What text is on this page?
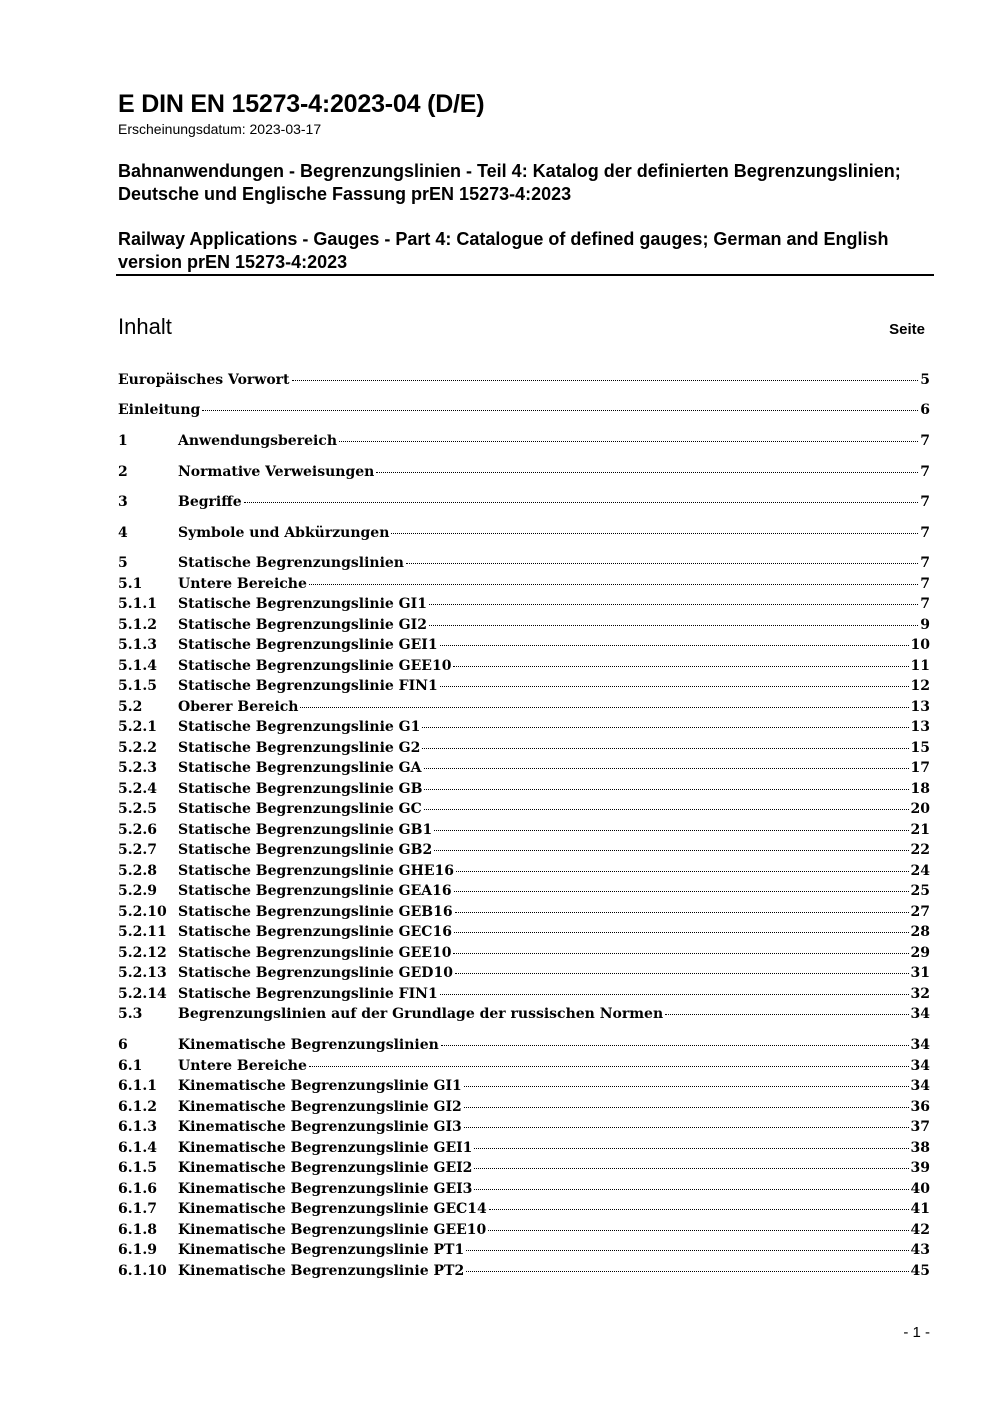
E DIN EN 15273-4:2023-04 (D/E)
Erscheinungsdatum: 2023-03-17
Bahnanwendungen - Begrenzungslinien - Teil 4: Katalog der definierten Begrenzungslinien; Deutsche und Englische Fassung prEN 15273-4:2023
Railway Applications - Gauges - Part 4: Catalogue of defined gauges; German and English version prEN 15273-4:2023
Inhalt	Seite
Europäisches Vorwort	5
Einleitung	6
1	Anwendungsbereich	7
2	Normative Verweisungen	7
3	Begriffe	7
4	Symbole und Abkürzungen	7
5	Statische Begrenzungslinien	7
5.1	Untere Bereiche	7
5.1.1	Statische Begrenzungslinie GI1	7
5.1.2	Statische Begrenzungslinie GI2	9
5.1.3	Statische Begrenzungslinie GEI1	10
5.1.4	Statische Begrenzungslinie GEE10	11
5.1.5	Statische Begrenzungslinie FIN1	12
5.2	Oberer Bereich	13
5.2.1	Statische Begrenzungslinie G1	13
5.2.2	Statische Begrenzungslinie G2	15
5.2.3	Statische Begrenzungslinie GA	17
5.2.4	Statische Begrenzungslinie GB	18
5.2.5	Statische Begrenzungslinie GC	20
5.2.6	Statische Begrenzungslinie GB1	21
5.2.7	Statische Begrenzungslinie GB2	22
5.2.8	Statische Begrenzungslinie GHE16	24
5.2.9	Statische Begrenzungslinie GEA16	25
5.2.10 Statische Begrenzungslinie GEB16	27
5.2.11 Statische Begrenzungslinie GEC16	28
5.2.12 Statische Begrenzungslinie GEE10	29
5.2.13 Statische Begrenzungslinie GED10	31
5.2.14 Statische Begrenzungslinie FIN1	32
5.3	Begrenzungslinien auf der Grundlage der russischen Normen	34
6	Kinematische Begrenzungslinien	34
6.1	Untere Bereiche	34
6.1.1	Kinematische Begrenzungslinie GI1	34
6.1.2	Kinematische Begrenzungslinie GI2	36
6.1.3	Kinematische Begrenzungslinie GI3	37
6.1.4	Kinematische Begrenzungslinie GEI1	38
6.1.5	Kinematische Begrenzungslinie GEI2	39
6.1.6	Kinematische Begrenzungslinie GEI3	40
6.1.7	Kinematische Begrenzungslinie GEC14	41
6.1.8	Kinematische Begrenzungslinie GEE10	42
6.1.9	Kinematische Begrenzungslinie PT1	43
6.1.10 Kinematische Begrenzungslinie PT2	45
- 1 -
